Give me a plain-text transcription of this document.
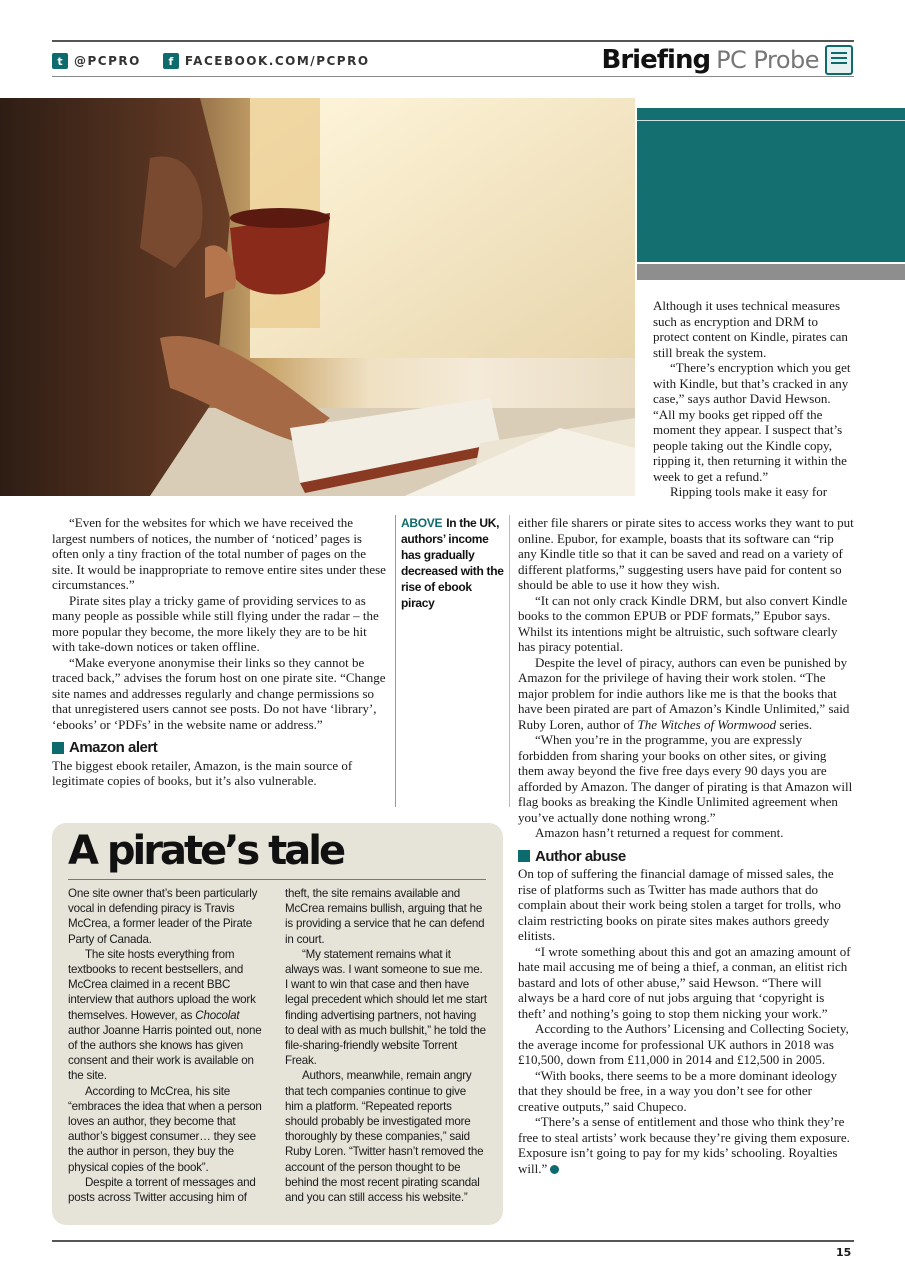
t @PCPRO	f FACEBOOK.COM/PCPRO	Briefing PC Probe

Although it uses technical measures such as encryption and DRM to protect content on Kindle, pirates can still break the system.

“There’s encryption which you get with Kindle, but that’s cracked in any case,” says author David Hewson. “All my books get ripped off the moment they appear. I suspect that’s people taking out the Kindle copy, ripping it, then returning it within the week to get a refund.”

Ripping tools make it easy for

“Even for the websites for which we have received the largest numbers of notices, the number of ‘noticed’ pages is often only a tiny fraction of the total number of pages on the site. It would be inappropriate to remove entire sites under these circumstances.”

Pirate sites play a tricky game of providing services to as many people as possible while still flying under the radar – the more popular they become, the more likely they are to be hit with take-down notices or taken offline.

“Make everyone anonymise their links so they cannot be traced back,” advises the forum host on one pirate site. “Change site names and addresses regularly and change permissions so that unregistered users cannot see posts. Do not have ‘library’, ‘ebooks’ or ‘PDFs’ in the website name or address.”

Amazon alert

The biggest ebook retailer, Amazon, is the main source of legitimate copies of books, but it’s also vulnerable.

ABOVE In the UK, authors’ income has gradually decreased with the rise of ebook piracy

either file sharers or pirate sites to access works they want to put online. Epubor, for example, boasts that its software can “rip any Kindle title so that it can be saved and read on a variety of different platforms,” suggesting users have paid for content so should be able to use it how they wish.

“It can not only crack Kindle DRM, but also convert Kindle books to the common EPUB or PDF formats,” Epubor says. Whilst its intentions might be altruistic, such software clearly has piracy potential.

Despite the level of piracy, authors can even be punished by Amazon for the privilege of having their work stolen. “The major problem for indie authors like me is that the books that have been pirated are part of Amazon’s Kindle Unlimited,” said Ruby Loren, author of The Witches of Wormwood series.

“When you’re in the programme, you are expressly forbidden from sharing your books on other sites, or giving them away beyond the five free days every 90 days you are afforded by Amazon. The danger of pirating is that Amazon will flag books as breaking the Kindle Unlimited agreement when you’ve actually done nothing wrong.”

Amazon hasn’t returned a request for comment.

Author abuse

On top of suffering the financial damage of missed sales, the rise of platforms such as Twitter has made authors that do complain about their work being stolen a target for trolls, who claim restricting books on pirate sites makes authors greedy elitists.

“I wrote something about this and got an amazing amount of hate mail accusing me of being a thief, a conman, an elitist rich bastard and lots of other abuse,” said Hewson. “There will always be a hard core of nut jobs arguing that ‘copyright is theft’ and nothing’s going to stop them nicking your work.”

According to the Authors’ Licensing and Collecting Society, the average income for professional UK authors in 2018 was £10,500, down from £11,000 in 2014 and £12,500 in 2005.

“With books, there seems to be a more dominant ideology that they should be free, in a way you don’t see for other creative outputs,” said Chupeco.

“There’s a sense of entitlement and those who think they’re free to steal artists’ work because they’re giving them exposure. Exposure isn’t going to pay for my kids’ schooling. Royalties will.”

A pirate’s tale

One site owner that’s been particularly vocal in defending piracy is Travis McCrea, a former leader of the Pirate Party of Canada.

The site hosts everything from textbooks to recent bestsellers, and McCrea claimed in a recent BBC interview that authors upload the work themselves. However, as Chocolat author Joanne Harris pointed out, none of the authors she knows has given consent and their work is available on the site.

According to McCrea, his site “embraces the idea that when a person loves an author, they become that author’s biggest consumer… they see the author in person, they buy the physical copies of the book”.

Despite a torrent of messages and posts across Twitter accusing him of

theft, the site remains available and McCrea remains bullish, arguing that he is providing a service that he can defend in court.

“My statement remains what it always was. I want someone to sue me. I want to win that case and then have legal precedent which should let me start finding advertising partners, not having to deal with as much bullshit,” he told the file-sharing-friendly website Torrent Freak.

Authors, meanwhile, remain angry that tech companies continue to give him a platform. “Repeated reports should probably be investigated more thoroughly by these companies,” said Ruby Loren. “Twitter hasn’t removed the account of the person thought to be behind the most recent pirating scandal and you can still access his website.”

15
